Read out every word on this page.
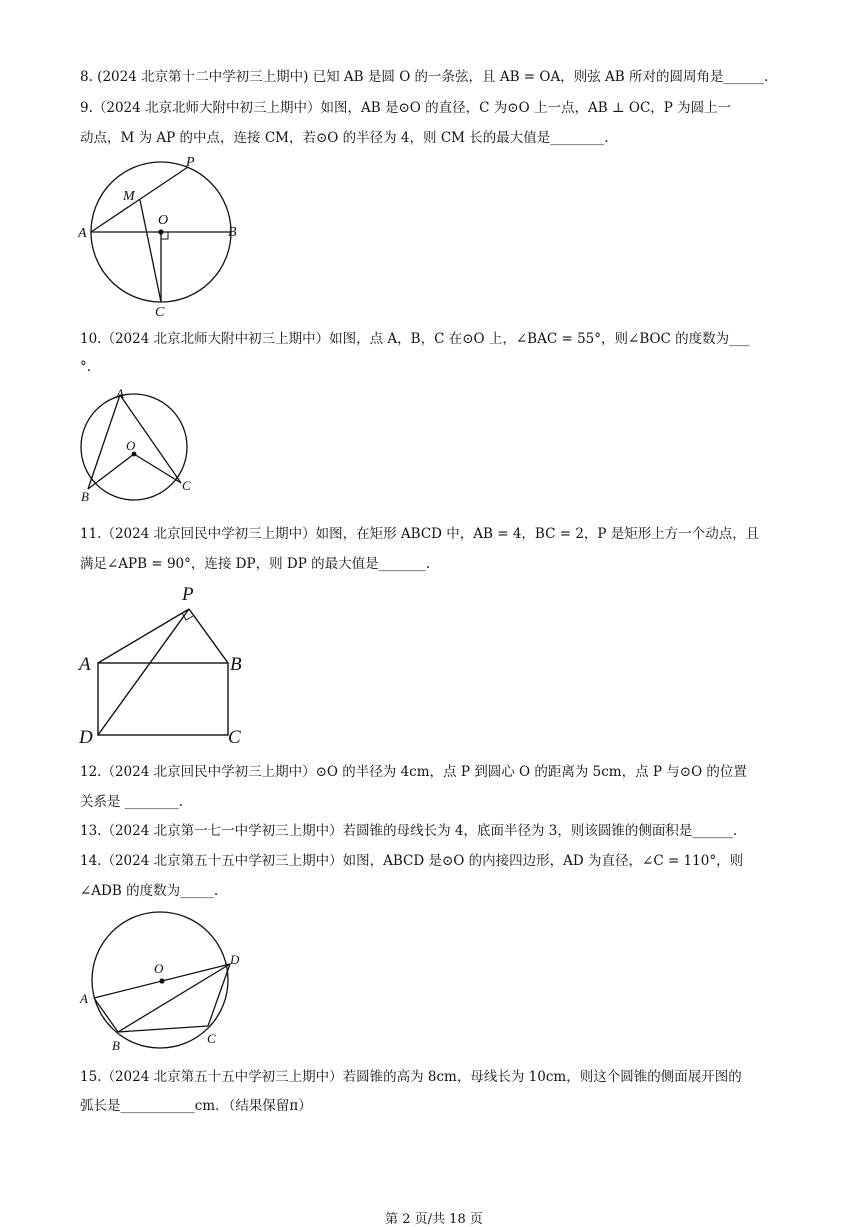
8. (2024 北京第十二中学初三上期中) 已知 AB 是圆 O 的一条弦，且 AB = OA，则弦 AB 所对的圆周角是______.
9.（2024 北京北师大附中初三上期中）如图，AB 是⊙O 的直径，C 为⊙O 上一点，AB ⊥ OC，P 为圆上一
动点，M 为 AP 的中点，连接 CM，若⊙O 的半径为 4，则 CM 长的最大值是________.
P
M
O
A	B
C
10.（2024 北京北师大附中初三上期中）如图，点 A，B，C 在⊙O 上，∠BAC = 55°，则∠BOC 的度数为___
°.
A
O
B
C
11.（2024 北京回民中学初三上期中）如图，在矩形 ABCD 中，AB = 4，BC = 2，P 是矩形上方一个动点，且
满足∠APB = 90°，连接 DP，则 DP 的最大值是_______.
P
A	B
D	C
12.（2024 北京回民中学初三上期中）⊙O 的半径为 4cm，点 P 到圆心 O 的距离为 5cm，点 P 与⊙O 的位置
关系是 ________.
13.（2024 北京第一七一中学初三上期中）若圆锥的母线长为 4，底面半径为 3，则该圆锥的侧面积是______.
14.（2024 北京第五十五中学初三上期中）如图，ABCD 是⊙O 的内接四边形，AD 为直径，∠C = 110°，则
∠ADB 的度数为_____.
O
D
A
B	C
15.（2024 北京第五十五中学初三上期中）若圆锥的高为 8cm，母线长为 10cm，则这个圆锥的侧面展开图的
弧长是___________cm．（结果保留π）
第 2 页/共 18 页
